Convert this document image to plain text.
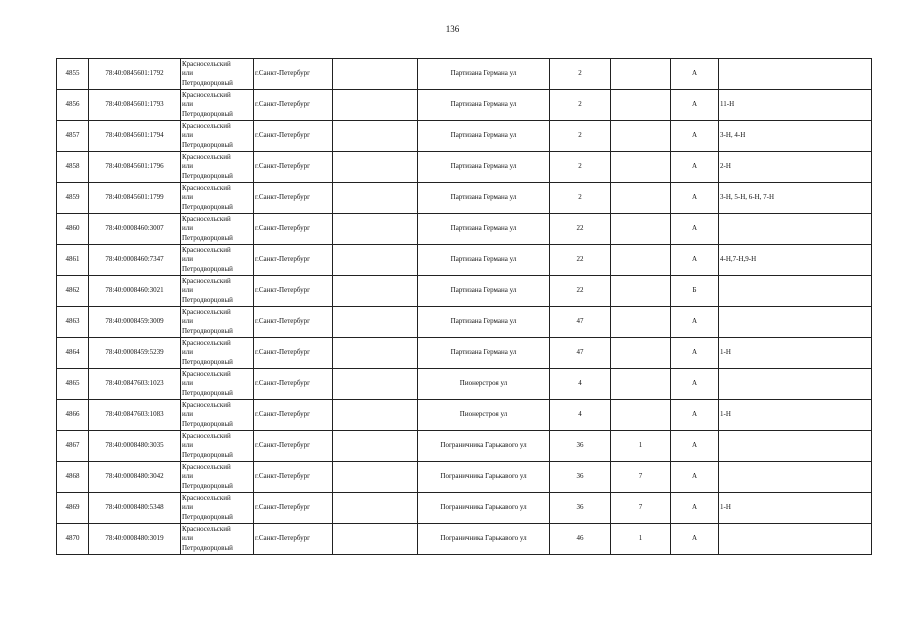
136
4855	78:40:0845601:1792	Красносельский
или
Петродворцовый	г.Санкт-Петербург		Партизана Германа ул	2		А	
4856	78:40:0845601:1793	Красносельский
или
Петродворцовый	г.Санкт-Петербург		Партизана Германа ул	2		А	11-Н
4857	78:40:0845601:1794	Красносельский
или
Петродворцовый	г.Санкт-Петербург		Партизана Германа ул	2		А	3-Н, 4-Н
4858	78:40:0845601:1796	Красносельский
или
Петродворцовый	г.Санкт-Петербург		Партизана Германа ул	2		А	2-Н
4859	78:40:0845601:1799	Красносельский
или
Петродворцовый	г.Санкт-Петербург		Партизана Германа ул	2		А	3-Н, 5-Н, 6-Н, 7-Н
4860	78:40:0008460:3007	Красносельский
или
Петродворцовый	г.Санкт-Петербург		Партизана Германа ул	22		А	
4861	78:40:0008460:7347	Красносельский
или
Петродворцовый	г.Санкт-Петербург		Партизана Германа ул	22		А	4-Н,7-Н,9-Н
4862	78:40:0008460:3021	Красносельский
или
Петродворцовый	г.Санкт-Петербург		Партизана Германа ул	22		Б	
4863	78:40:0008459:3009	Красносельский
или
Петродворцовый	г.Санкт-Петербург		Партизана Германа ул	47		А	
4864	78:40:0008459:5239	Красносельский
или
Петродворцовый	г.Санкт-Петербург		Партизана Германа ул	47		А	1-Н
4865	78:40:0847603:1023	Красносельский
или
Петродворцовый	г.Санкт-Петербург		Пионерстроя ул	4		А	
4866	78:40:0847603:1083	Красносельский
или
Петродворцовый	г.Санкт-Петербург		Пионерстроя ул	4		А	1-Н
4867	78:40:0008480:3035	Красносельский
или
Петродворцовый	г.Санкт-Петербург		Пограничника Гарькавого ул	36	1	А	
4868	78:40:0008480:3042	Красносельский
или
Петродворцовый	г.Санкт-Петербург		Пограничника Гарькавого ул	36	7	А	
4869	78:40:0008480:5348	Красносельский
или
Петродворцовый	г.Санкт-Петербург		Пограничника Гарькавого ул	36	7	А	1-Н
4870	78:40:0008480:3019	Красносельский
или
Петродворцовый	г.Санкт-Петербург		Пограничника Гарькавого ул	46	1	А	
